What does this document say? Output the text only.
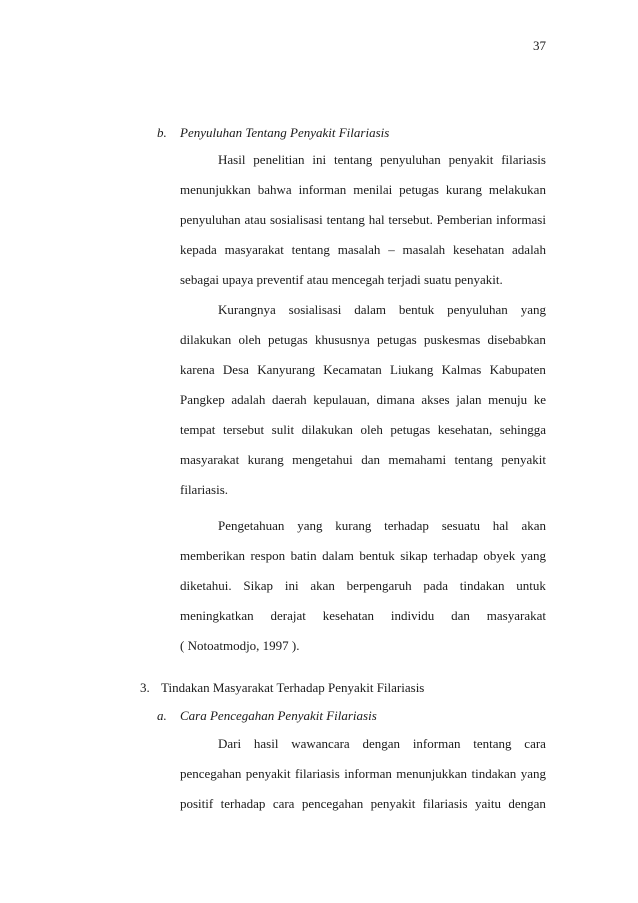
37
b. Penyuluhan Tentang Penyakit Filariasis
Hasil penelitian ini tentang penyuluhan penyakit filariasis
menunjukkan bahwa informan menilai petugas kurang melakukan
penyuluhan atau sosialisasi tentang hal tersebut. Pemberian informasi
kepada masyarakat tentang masalah – masalah kesehatan adalah
sebagai upaya preventif atau mencegah terjadi suatu penyakit.
Kurangnya sosialisasi dalam bentuk penyuluhan yang
dilakukan oleh petugas khususnya petugas puskesmas disebabkan
karena Desa Kanyurang Kecamatan Liukang Kalmas Kabupaten
Pangkep adalah daerah kepulauan, dimana akses jalan menuju ke
tempat tersebut sulit dilakukan oleh petugas kesehatan, sehingga
masyarakat kurang mengetahui dan memahami tentang penyakit
filariasis.
Pengetahuan yang kurang terhadap sesuatu hal akan
memberikan respon batin dalam bentuk sikap terhadap obyek yang
diketahui. Sikap ini akan berpengaruh pada tindakan untuk
meningkatkan derajat kesehatan individu dan masyarakat
( Notoatmodjo, 1997 ).
3. Tindakan Masyarakat Terhadap Penyakit Filariasis
a. Cara Pencegahan Penyakit Filariasis
Dari hasil wawancara dengan informan tentang cara
pencegahan penyakit filariasis informan menunjukkan tindakan yang
positif terhadap cara pencegahan penyakit filariasis yaitu dengan
